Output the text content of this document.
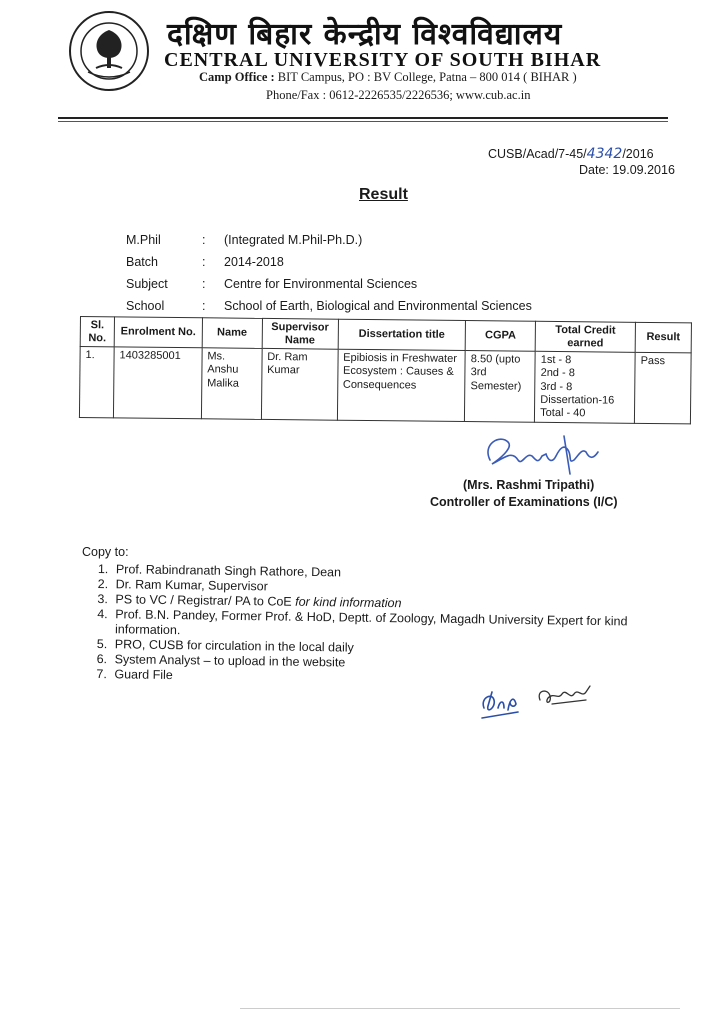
दक्षिण बिहार केन्द्रीय विश्वविद्यालय
CENTRAL UNIVERSITY OF SOUTH BIHAR
Camp Office : BIT Campus, PO : BV College, Patna – 800 014 ( BIHAR )
Phone/Fax : 0612-2226535/2226536; www.cub.ac.in
CUSB/Acad/7-45/4342/2016
Date: 19.09.2016
Result
M.Phil	: (Integrated M.Phil-Ph.D.)
Batch	: 2014-2018
Subject	: Centre for Environmental Sciences
School	: School of Earth, Biological and Environmental Sciences
Sl. No.	Enrolment No.	Name	Supervisor Name	Dissertation title	CGPA	Total Credit earned	Result
1.	1403285001	Ms. Anshu Malika	Dr. Ram Kumar	Epibiosis in Freshwater Ecosystem : Causes & Consequences	8.50 (upto 3rd Semester)	1st - 8
2nd - 8
3rd - 8
Dissertation-16
Total - 40	Pass
(Mrs. Rashmi Tripathi)
Controller of Examinations (I/C)
Copy to:
1. Prof. Rabindranath Singh Rathore, Dean
2. Dr. Ram Kumar, Supervisor
3. PS to VC / Registrar/ PA to CoE for kind information
4. Prof. B.N. Pandey, Former Prof. & HoD, Deptt. of Zoology, Magadh University Expert for kind information.
5. PRO, CUSB for circulation in the local daily
6. System Analyst – to upload in the website
7. Guard File
